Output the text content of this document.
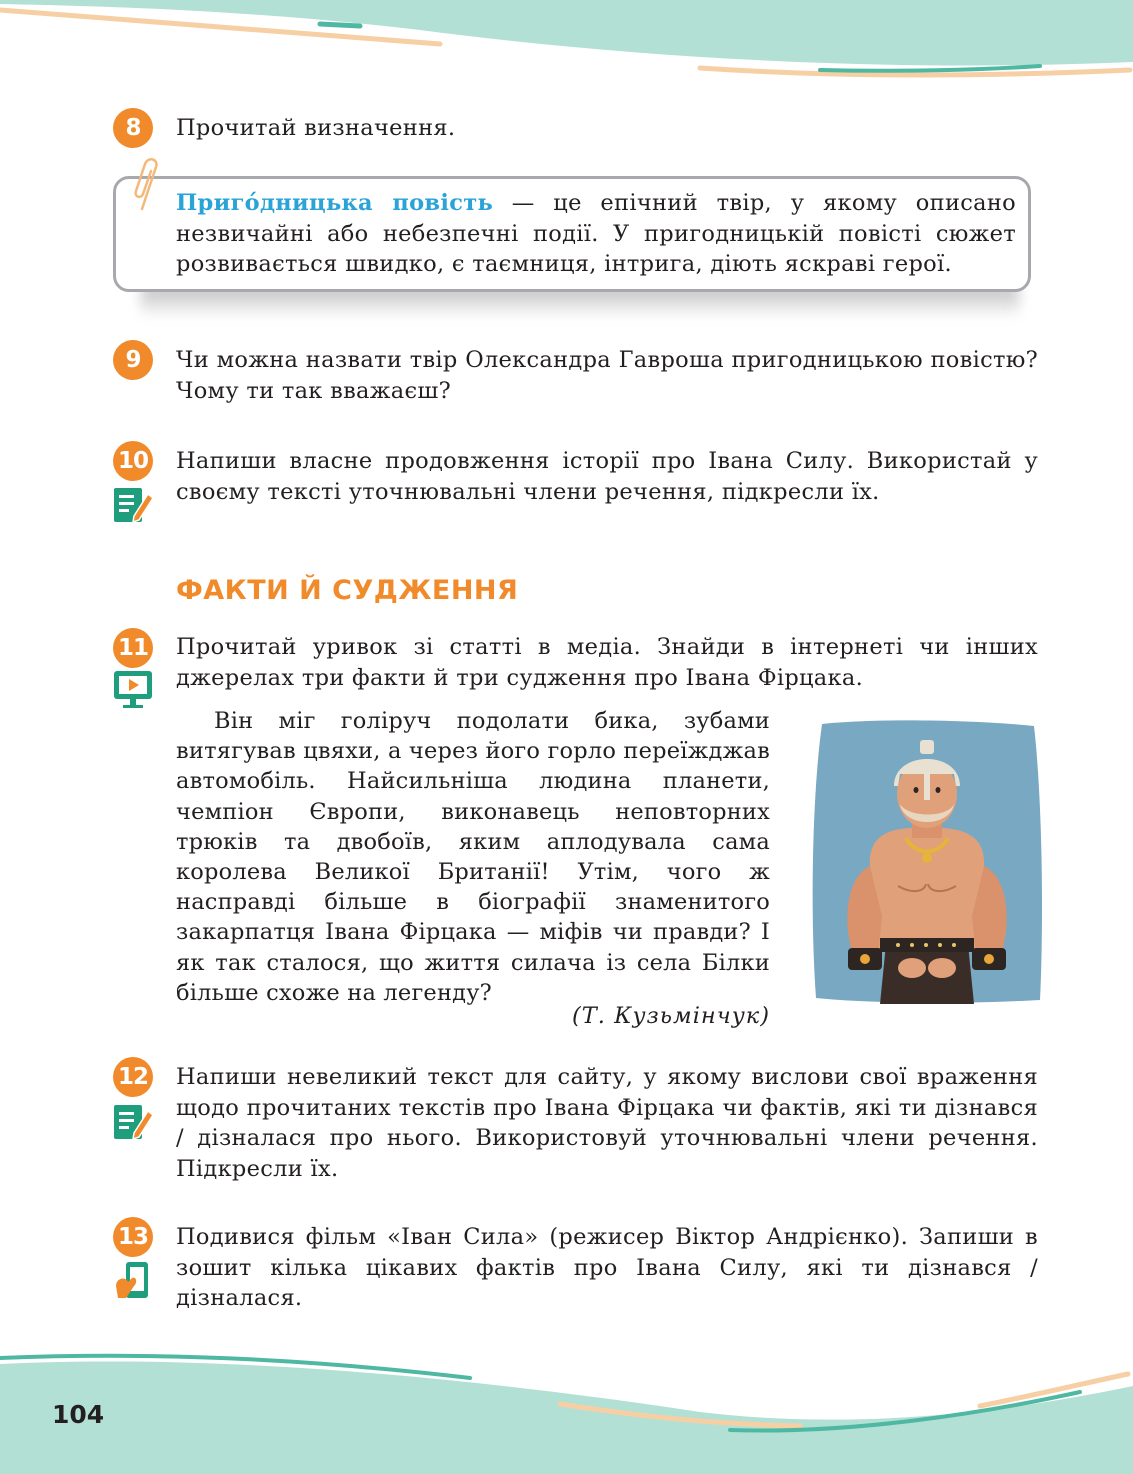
8	Прочитай визначення.

Приго́дницька повість — це епічний твір, у якому описано незвичайні або небезпечні події. У пригодницькій повісті сюжет розвивається швидко, є таємниця, інтрига, діють яскраві герої.

9	Чи можна назвати твір Олександра Гавроша пригодницькою повістю? Чому ти так вважаєш?

10 Напиши власне продовження історії про Івана Силу. Використай у своєму тексті уточнювальні члени речення, підкресли їх.

ФАКТИ Й СУДЖЕННЯ
11 Прочитай уривок зі статті в медіа. Знайди в інтернеті чи інших джерелах три факти й три судження про Івана Фірцака.

Він міг голіруч подолати бика, зубами витягував цвяхи, а через його горло переїжджав автомобіль. Найсильніша людина планети, чемпіон Європи, виконавець неповторних трюків та двобоїв, яким аплодувала сама королева Великої Британії! Утім, чого ж насправді більше в біографії знаменитого закарпатця Івана Фірцака — міфів чи правди? І як так сталося, що життя силача із села Білки більше схоже на легенду?

(Т. Кузьмінчук)

12 Напиши невеликий текст для сайту, у якому вислови свої враження щодо прочитаних текстів про Івана Фірцака чи фактів, які ти дізнався / дізналася про нього. Використовуй уточнювальні члени речення. Підкресли їх.

13 Подивися фільм «Іван Сила» (режисер Віктор Андрієнко). Запиши в зошит кілька цікавих фактів про Івана Силу, які ти дізнався / дізналася.

104
